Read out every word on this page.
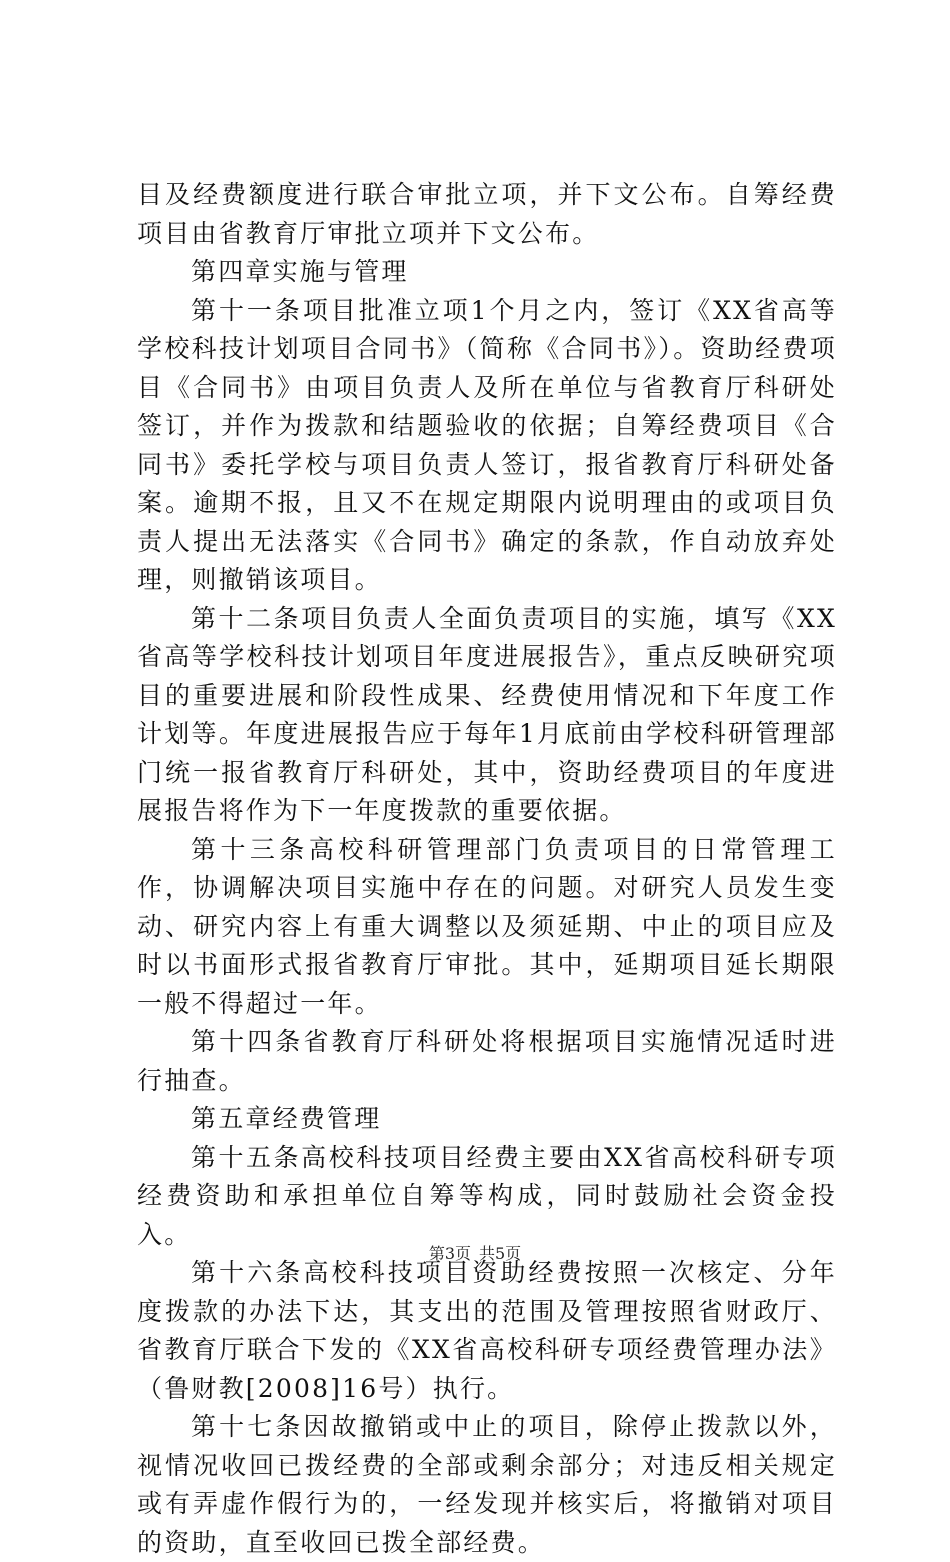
目及经费额度进行联合审批立项，并下文公布。自筹经费项目由省教育厅审批立项并下文公布。

第四章实施与管理

第十一条项目批准立项1个月之内，签订《XX省高等学校科技计划项目合同书》（简称《合同书》）。资助经费项目《合同书》由项目负责人及所在单位与省教育厅科研处签订，并作为拨款和结题验收的依据；自筹经费项目《合同书》委托学校与项目负责人签订，报省教育厅科研处备案。逾期不报，且又不在规定期限内说明理由的或项目负责人提出无法落实《合同书》确定的条款，作自动放弃处理，则撤销该项目。

第十二条项目负责人全面负责项目的实施，填写《XX省高等学校科技计划项目年度进展报告》，重点反映研究项目的重要进展和阶段性成果、经费使用情况和下年度工作计划等。年度进展报告应于每年1月底前由学校科研管理部门统一报省教育厅科研处，其中，资助经费项目的年度进展报告将作为下一年度拨款的重要依据。

第十三条高校科研管理部门负责项目的日常管理工作，协调解决项目实施中存在的问题。对研究人员发生变动、研究内容上有重大调整以及须延期、中止的项目应及时以书面形式报省教育厅审批。其中，延期项目延长期限一般不得超过一年。

第十四条省教育厅科研处将根据项目实施情况适时进行抽查。

第五章经费管理

第十五条高校科技项目经费主要由XX省高校科研专项经费资助和承担单位自筹等构成，同时鼓励社会资金投入。

第十六条高校科技项目资助经费按照一次核定、分年度拨款的办法下达，其支出的范围及管理按照省财政厅、省教育厅联合下发的《XX省高校科研专项经费管理办法》（鲁财教[2008]16号）执行。

第十七条因故撤销或中止的项目，除停止拨款以外，视情况收回已拨经费的全部或剩余部分；对违反相关规定或有弄虚作假行为的，一经发现并核实后，将撤销对项目的资助，直至收回已拨全部经费。

第3页 共5页
